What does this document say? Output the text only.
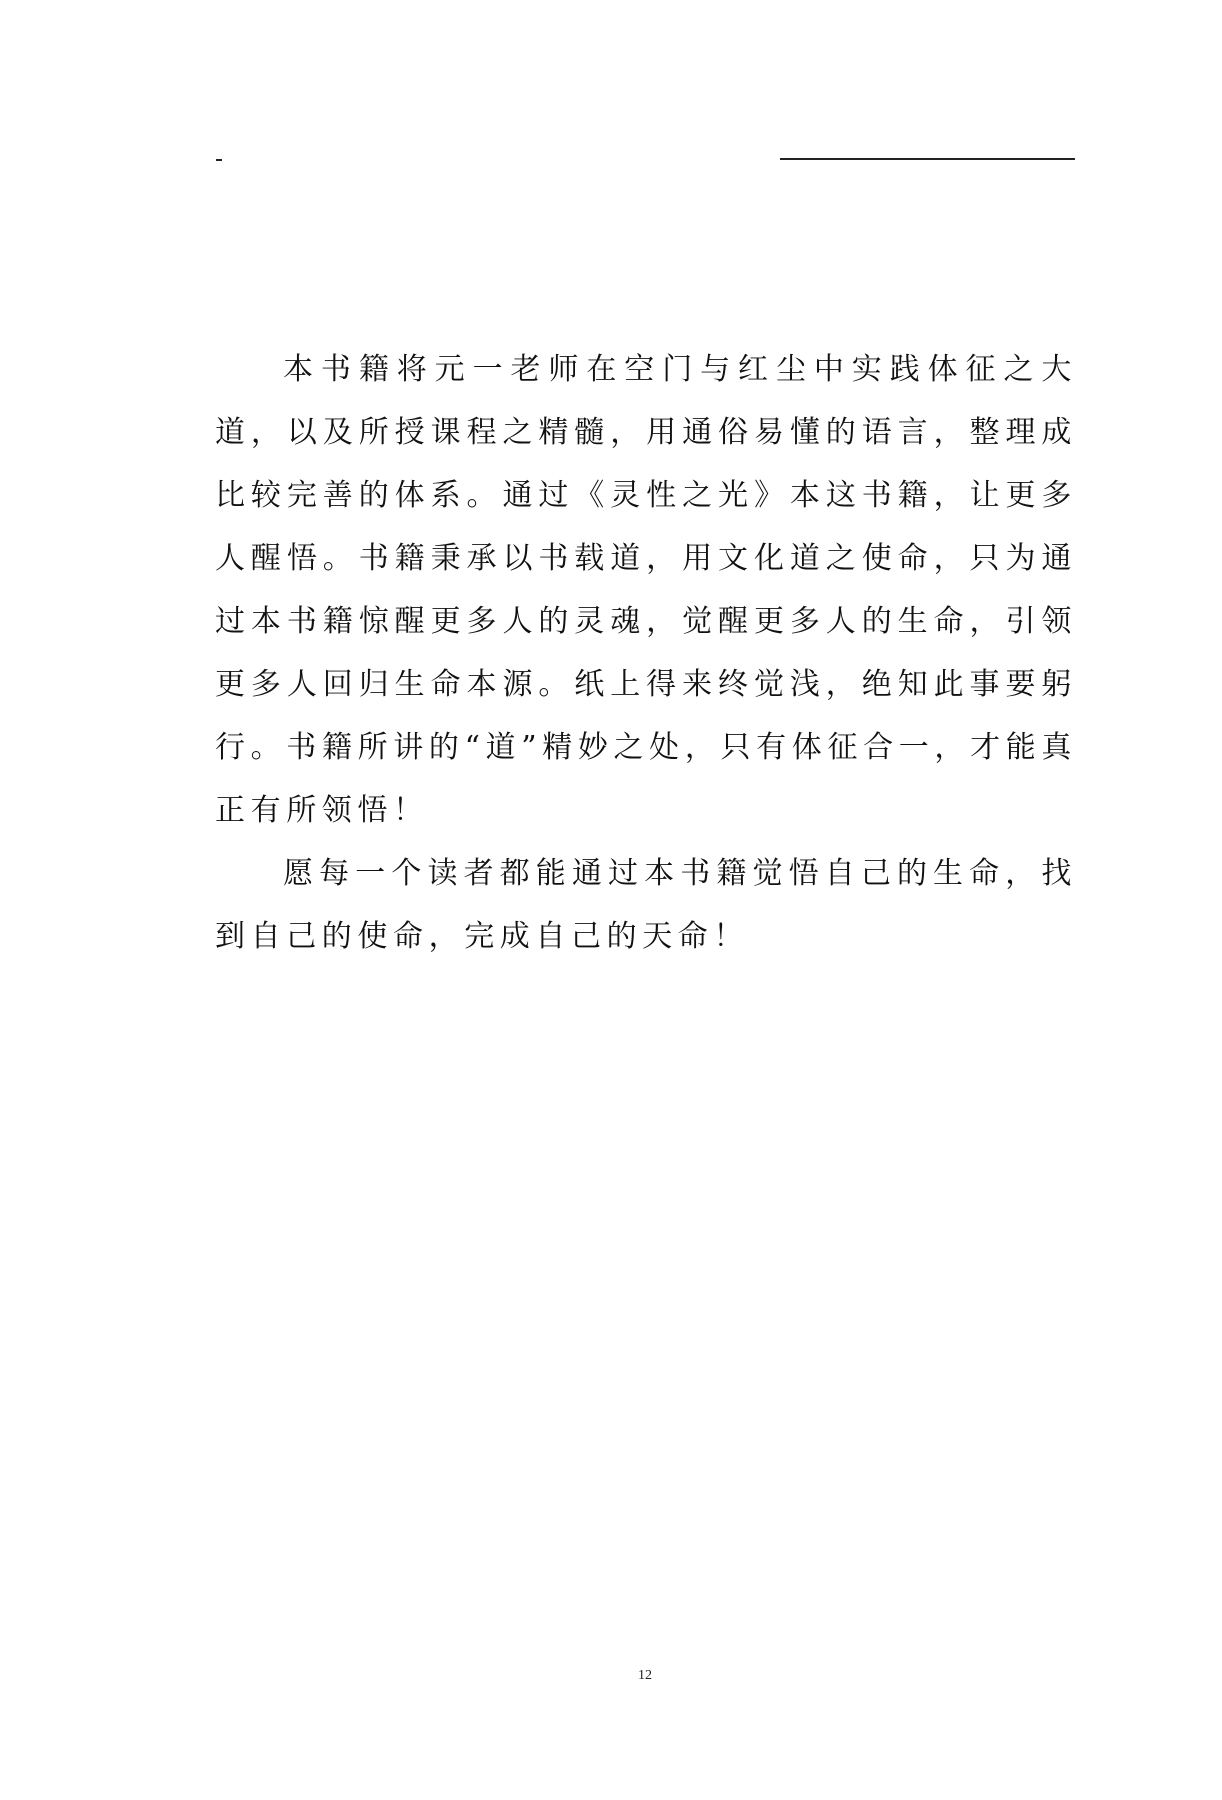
本书籍将元一老师在空门与红尘中实践体征之大道，以及所授课程之精髓，用通俗易懂的语言，整理成比较完善的体系。通过《灵性之光》本这书籍，让更多人醒悟。书籍秉承以书载道，用文化道之使命，只为通过本书籍惊醒更多人的灵魂，觉醒更多人的生命，引领更多人回归生命本源。纸上得来终觉浅，绝知此事要躬行。书籍所讲的“道”精妙之处，只有体征合一，才能真正有所领悟！

愿每一个读者都能通过本书籍觉悟自己的生命，找到自己的使命，完成自己的天命！

12
